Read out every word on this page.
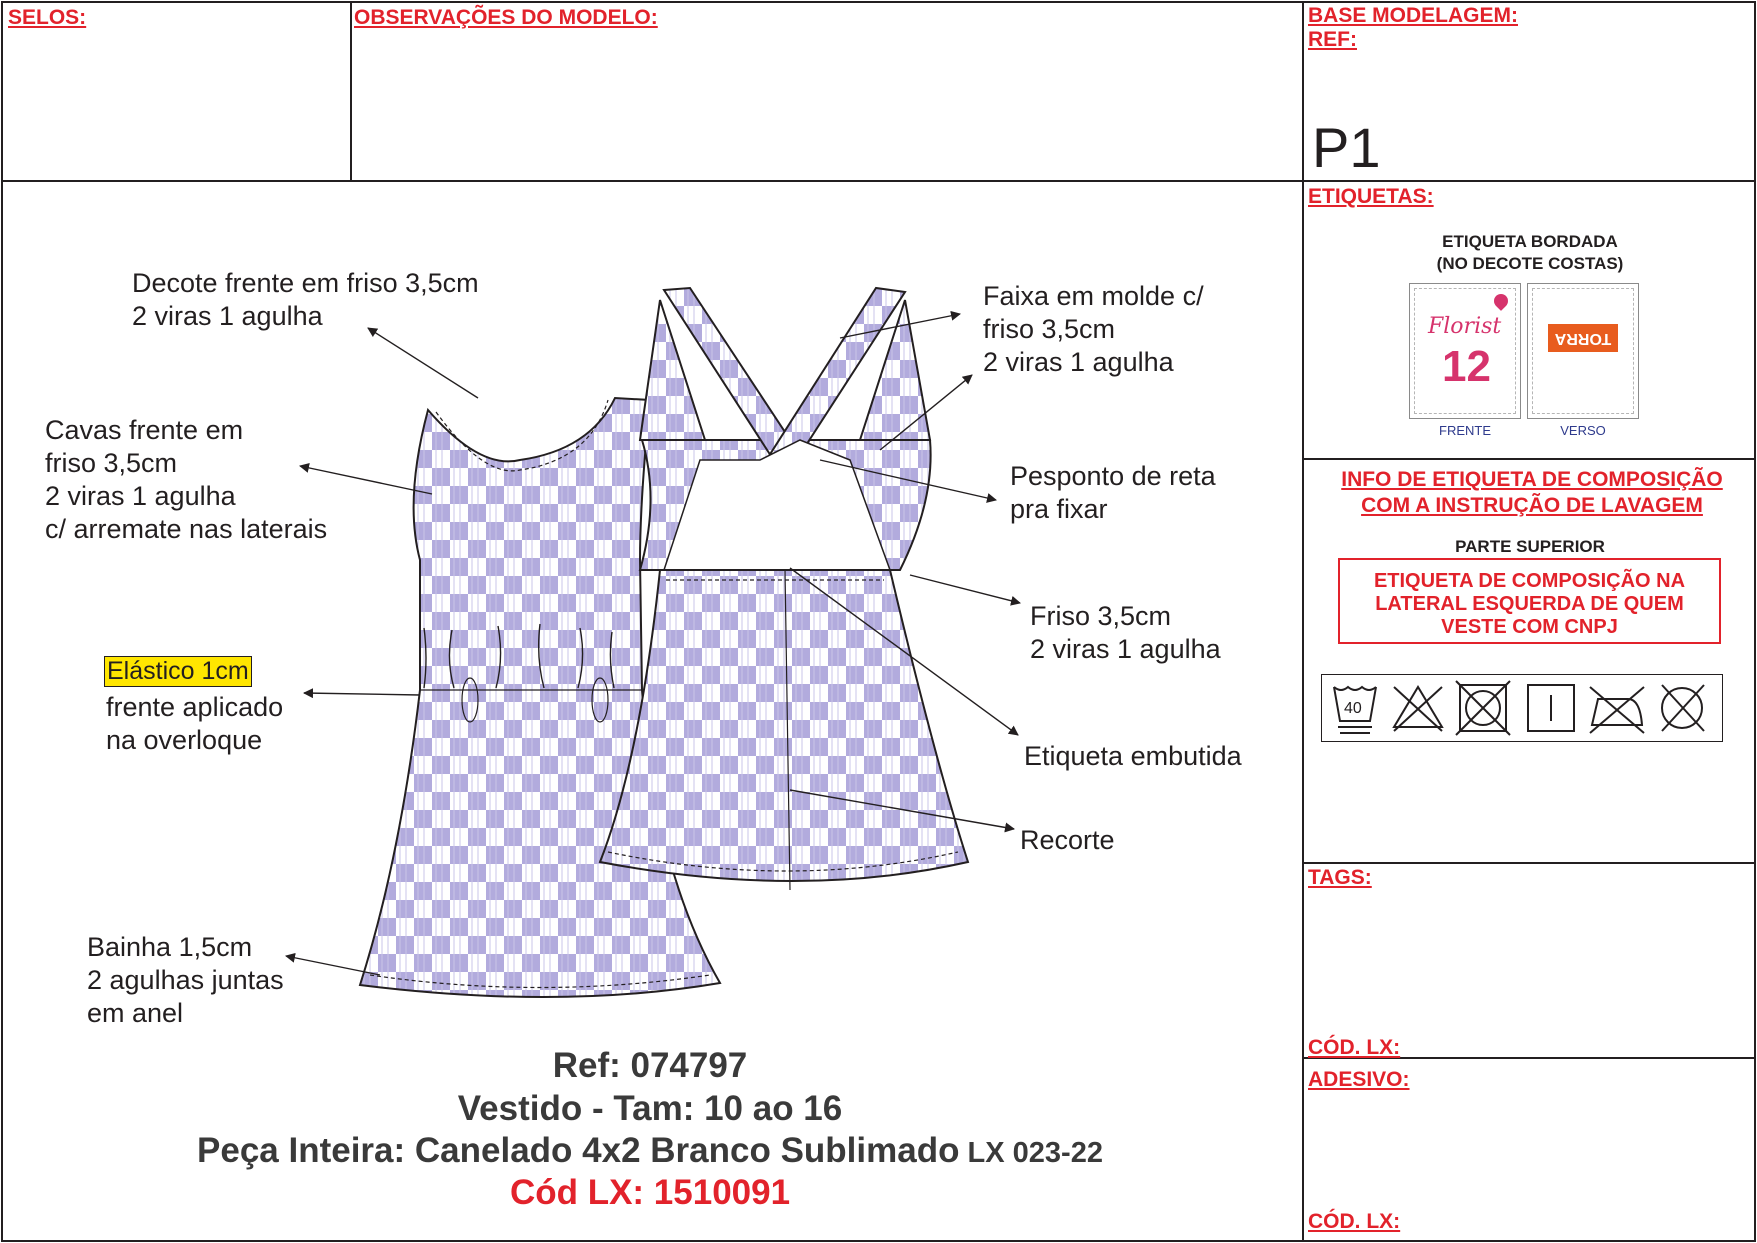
SELOS:	OBSERVAÇÕES DO MODELO:	BASE MODELAGEM:
REF:
P1
Decote frente em friso 3,5cm
2 viras 1 agulha
Cavas frente em
friso 3,5cm
2 viras 1 agulha
c/ arremate nas laterais
Elástico 1cm
frente aplicado
na overloque
Bainha 1,5cm
2 agulhas juntas
em anel
Faixa em molde c/
friso 3,5cm
2 viras 1 agulha
Pesponto de reta
pra fixar
Friso 3,5cm
2 viras 1 agulha
Etiqueta embutida
Recorte
Ref: 074797
Vestido - Tam: 10 ao 16
Peça Inteira: Canelado 4x2 Branco Sublimado LX 023-22
Cód LX: 1510091
ETIQUETAS:
ETIQUETA BORDADA
(NO DECOTE COSTAS)
Florist
12
TORRA
FRENTE	VERSO
INFO DE ETIQUETA DE COMPOSIÇÃO
COM A INSTRUÇÃO DE LAVAGEM
PARTE SUPERIOR
ETIQUETA DE COMPOSIÇÃO NA
LATERAL ESQUERDA DE QUEM
VESTE COM CNPJ
40
TAGS:
CÓD. LX:
ADESIVO:
CÓD. LX:
